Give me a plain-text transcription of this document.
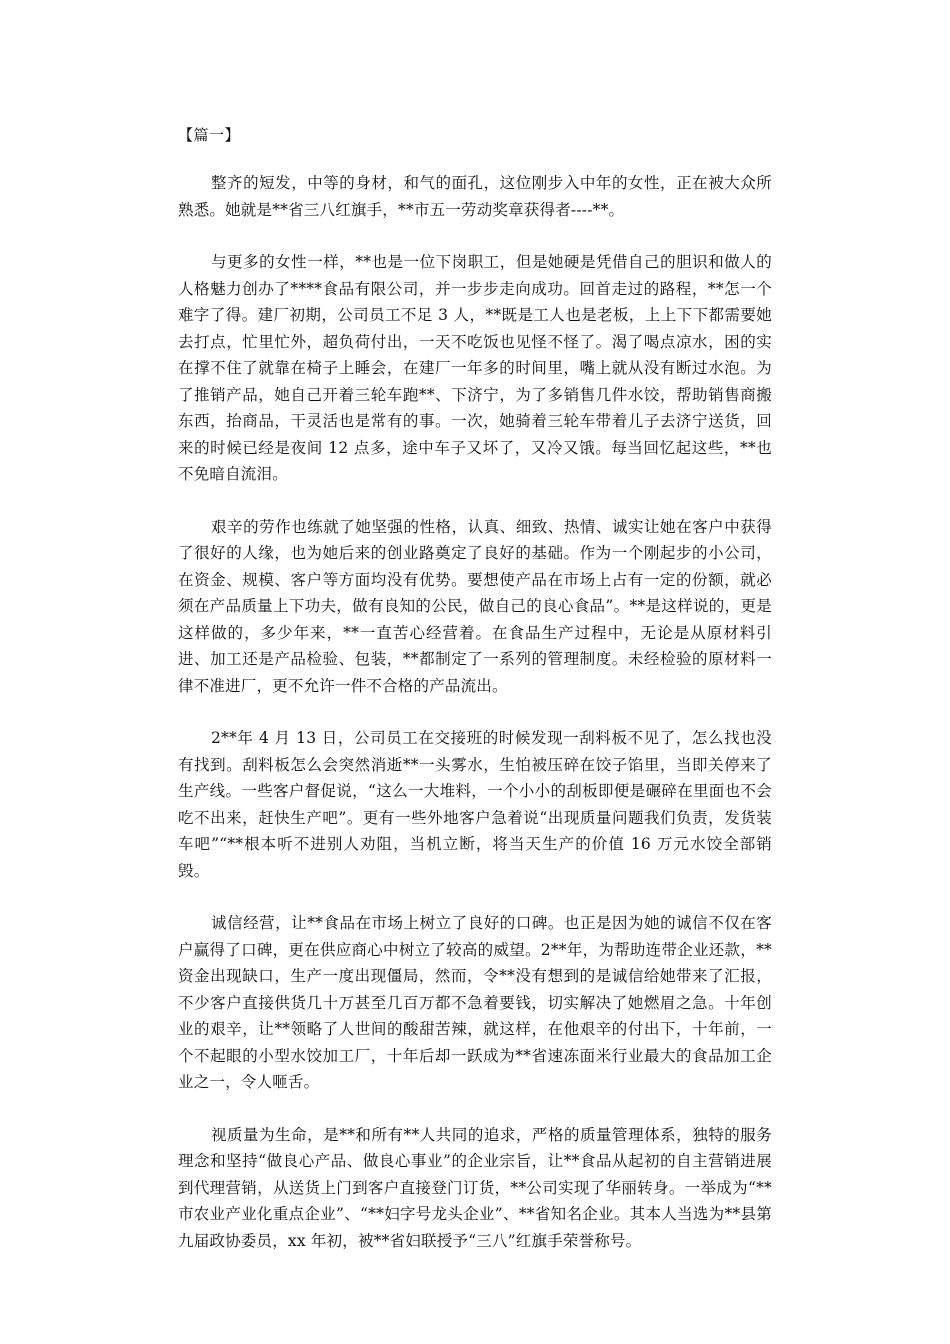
【篇一】

整齐的短发，中等的身材，和气的面孔，这位刚步入中年的女性，正在被大众所熟悉。她就是**省三八红旗手，**市五一劳动奖章获得者----**。

与更多的女性一样，**也是一位下岗职工，但是她硬是凭借自己的胆识和做人的人格魅力创办了****食品有限公司，并一步步走向成功。回首走过的路程，**怎一个难字了得。建厂初期，公司员工不足 3 人，**既是工人也是老板，上上下下都需要她去打点，忙里忙外，超负荷付出，一天不吃饭也见怪不怪了。渴了喝点凉水，困的实在撑不住了就靠在椅子上睡会，在建厂一年多的时间里，嘴上就从没有断过水泡。为了推销产品，她自己开着三轮车跑**、下济宁，为了多销售几件水饺，帮助销售商搬东西，抬商品，干灵活也是常有的事。一次，她骑着三轮车带着儿子去济宁送货，回来的时候已经是夜间 12 点多，途中车子又坏了，又冷又饿。每当回忆起这些，**也不免暗自流泪。

艰辛的劳作也练就了她坚强的性格，认真、细致、热情、诚实让她在客户中获得了很好的人缘，也为她后来的创业路奠定了良好的基础。作为一个刚起步的小公司，在资金、规模、客户等方面均没有优势。要想使产品在市场上占有一定的份额，就必须在产品质量上下功夫，做有良知的公民，做自己的良心食品”。**是这样说的，更是这样做的，多少年来，**一直苦心经营着。在食品生产过程中，无论是从原材料引进、加工还是产品检验、包装，**都制定了一系列的管理制度。未经检验的原材料一律不准进厂，更不允许一件不合格的产品流出。

2**年 4 月 13 日，公司员工在交接班的时候发现一刮料板不见了，怎么找也没有找到。刮料板怎么会突然消逝**一头雾水，生怕被压碎在饺子馅里，当即关停来了生产线。一些客户督促说，“这么一大堆料，一个小小的刮板即便是碾碎在里面也不会吃不出来，赶快生产吧”。更有一些外地客户急着说“出现质量问题我们负责，发货装车吧”“**根本听不进别人劝阻，当机立断，将当天生产的价值 16 万元水饺全部销毁。

诚信经营，让**食品在市场上树立了良好的口碑。也正是因为她的诚信不仅在客户赢得了口碑，更在供应商心中树立了较高的威望。2**年，为帮助连带企业还款，**资金出现缺口，生产一度出现僵局，然而，令**没有想到的是诚信给她带来了汇报，不少客户直接供货几十万甚至几百万都不急着要钱，切实解决了她燃眉之急。十年创业的艰辛，让**领略了人世间的酸甜苦辣，就这样，在他艰辛的付出下，十年前，一个不起眼的小型水饺加工厂，十年后却一跃成为**省速冻面米行业最大的食品加工企业之一，令人咂舌。

视质量为生命，是**和所有**人共同的追求，严格的质量管理体系，独特的服务理念和坚持“做良心产品、做良心事业”的企业宗旨，让**食品从起初的自主营销进展到代理营销，从送货上门到客户直接登门订货，**公司实现了华丽转身。一举成为“**市农业产业化重点企业”、“**妇字号龙头企业”、**省知名企业。其本人当选为**县第九届政协委员，xx 年初，被**省妇联授予“三八”红旗手荣誉称号。
